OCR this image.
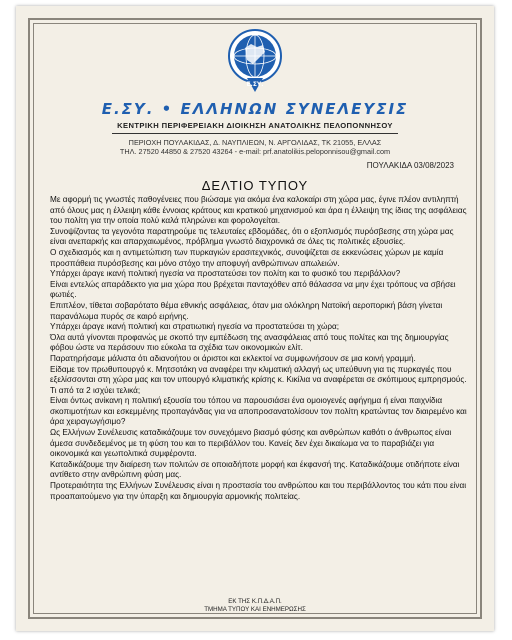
Ε.ΣΥ.
Ε.ΣΥ. • ΕΛΛΗΝΩΝ ΣΥΝΕΛΕΥΣΙΣ
ΚΕΝΤΡΙΚΗ ΠΕΡΙΦΕΡΕΙΑΚΗ ΔΙΟΙΚΗΣΗ ΑΝΑΤΟΛΙΚΗΣ ΠΕΛΟΠΟΝΝΗΣΟΥ
ΠΕΡΙΟΧΗ ΠΟΥΛΑΚΙΔΑΣ, Δ. ΝΑΥΠΛΙΕΩΝ, Ν. ΑΡΓΟΛΙΔΑΣ, ΤΚ 21055, ΕΛΛΑΣ
ΤΗΛ. 27520 44850 & 27520 43264 - e-mail: prf.anatolikis.peloponnisou@gmail.com
ΠΟΥΛΑΚΙΔΑ 03/08/2023
ΔΕΛΤΙΟ ΤΥΠΟΥ

Με αφορμή τις γνωστές παθογένειες που βιώσαμε για ακόμα ένα καλοκαίρι στη χώρα μας, έγινε πλέον αντιληπτή από όλους μας η έλλειψη κάθε έννοιας κράτους και κρατικού μηχανισμού και άρα η έλλειψη της ίδιας της ασφάλειας του πολίτη για την οποία πολύ καλά πληρώνει και φορολογείται.

Συνοψίζοντας τα γεγονότα παρατηρούμε τις τελευταίες εβδομάδες, ότι ο εξοπλισμός πυρόσβεσης στη χώρα μας είναι ανεπαρκής και απαρχαιωμένος, πρόβλημα γνωστό διαχρονικά σε όλες τις πολιτικές εξουσίες.

Ο σχεδιασμός και η αντιμετώπιση των πυρκαγιών ερασιτεχνικός, συνοψίζεται σε εκκενώσεις χώρων με καμία προσπάθεια πυρόσβεσης και μόνο στόχο την αποφυγή ανθρώπινων απωλειών.

Υπάρχει άραγε ικανή πολιτική ηγεσία να προστατεύσει τον πολίτη και το φυσικό του περιβάλλον?

Είναι εντελώς απαράδεκτο για μια χώρα που βρέχεται πανταχόθεν από θάλασσα να μην έχει τρόπους να σβήσει φωτιές.

Επιπλέον, τίθεται σοβαρότατο θέμα εθνικής ασφάλειας, όταν μια ολόκληρη Νατοϊκή αεροπορική βάση γίνεται παρανάλωμα πυρός σε καιρό ειρήνης.

Υπάρχει άραγε ικανή πολιτική και στρατιωτική ηγεσία να προστατεύσει τη χώρα;

Όλα αυτά γίνονται προφανώς με σκοπό την εμπέδωση της ανασφάλειας από τους πολίτες και της δημιουργίας φόβου ώστε να περάσουν πιο εύκολα τα σχέδια των οικονομικών ελίτ.

Παρατηρήσαμε μάλιστα ότι αδιανοήτου οι άριστοι και εκλεκτοί να συμφωνήσουν σε μια κοινή γραμμή.

Είδαμε τον πρωθυπουργό κ. Μητσοτάκη να αναφέρει την κλιματική αλλαγή ως υπεύθυνη για τις πυρκαγιές που εξελίσσονται στη χώρα μας και τον υπουργό κλιματικής κρίσης κ. Κικίλια να αναφέρεται σε σκόπιμους εμπρησμούς.

Τι από τα 2 ισχύει τελικά;

Είναι όντως ανίκανη η πολιτική εξουσία του τόπου να παρουσιάσει ένα ομοιογενές αφήγημα ή είναι παιχνίδια σκοπιμοτήτων και εσκεμμένης προπαγάνδας για να αποπροσανατολίσουν τον πολίτη κρατώντας τον διαιρεμένο και άρα χειραγωγήσιμο?

Ως Ελλήνων Συνέλευσις καταδικάζουμε τον συνεχόμενο βιασμό φύσης και ανθρώπων καθότι ο άνθρωπος είναι άμεσα συνδεδεμένος με τη φύση του και το περιβάλλον του. Κανείς δεν έχει δικαίωμα να το παραβιάζει για οικονομικά και γεωπολιτικά συμφέροντα.

Καταδικάζουμε την διαίρεση των πολιτών σε οποιαδήποτε μορφή και έκφανσή της. Καταδικάζουμε οτιδήποτε είναι αντίθετο στην ανθρώπινη φύση μας.

Προτεραιότητα της Ελλήνων Συνέλευσις είναι η προστασία του ανθρώπου και του περιβάλλοντος του κάτι που είναι προαπαιτούμενο για την ύπαρξη και δημιουργία αρμονικής πολιτείας.

ΕΚ ΤΗΣ Κ.Π.Δ.Α.Π.
ΤΜΗΜΑ ΤΥΠΟΥ ΚΑΙ ΕΝΗΜΕΡΩΣΗΣ
